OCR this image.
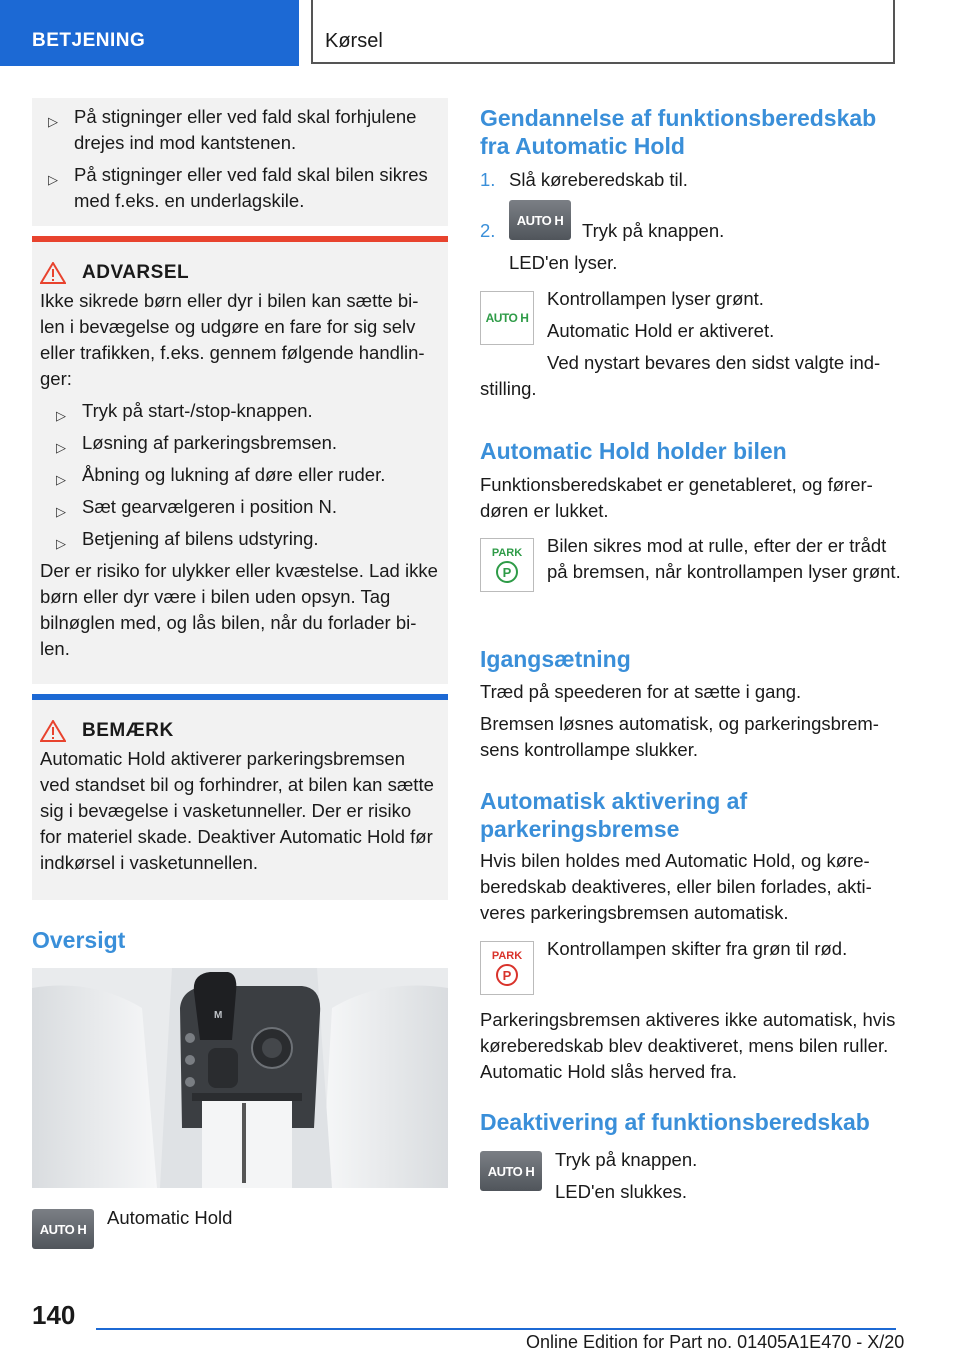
BETJENING	Kørsel
▷ På stigninger eller ved fald skal forhjulene drejes ind mod kantstenen.
▷ På stigninger eller ved fald skal bilen sikres med f.eks. en underlagskile.
ADVARSEL
Ikke sikrede børn eller dyr i bilen kan sætte bi-len i bevægelse og udgøre en fare for sig selv eller trafikken, f.eks. gennem følgende handlin-ger:
▷ Tryk på start-/stop-knappen.
▷ Løsning af parkeringsbremsen.
▷ Åbning og lukning af døre eller ruder.
▷ Sæt gearvælgeren i position N.
▷ Betjening af bilens udstyring.
Der er risiko for ulykker eller kvæstelse. Lad ikke børn eller dyr være i bilen uden opsyn. Tag bilnøglen med, og lås bilen, når du forlader bi-len.
BEMÆRK
Automatic Hold aktiverer parkeringsbremsen ved standset bil og forhindrer, at bilen kan sætte sig i bevægelse i vasketunneller. Der er risiko for materiel skade. Deaktiver Automatic Hold før indkørsel i vasketunnellen.
Oversigt
M
AUTO H
Automatic Hold
Gendannelse af funktionsberedskab fra Automatic Hold
1. Slå køreberedskab til.
2. AUTO H Tryk på knappen.
LED'en lyser.
AUTO H
Kontrollampen lyser grønt.
Automatic Hold er aktiveret.
Ved nystart bevares den sidst valgte ind-stilling.
Automatic Hold holder bilen
Funktionsberedskabet er genetableret, og fører-døren er lukket.
PARK
P
Bilen sikres mod at rulle, efter der er trådt på bremsen, når kontrollampen lyser grønt.
Igangsætning
Træd på speederen for at sætte i gang.
Bremsen løsnes automatisk, og parkeringsbrem-sens kontrollampe slukker.
Automatisk aktivering af parkeringsbremse
Hvis bilen holdes med Automatic Hold, og køre-beredskab deaktiveres, eller bilen forlades, akti-veres parkeringsbremsen automatisk.
PARK
P
Kontrollampen skifter fra grøn til rød.
Parkeringsbremsen aktiveres ikke automatisk, hvis køreberedskab blev deaktiveret, mens bilen ruller. Automatic Hold slås herved fra.
Deaktivering af funktionsberedskab
AUTO H
Tryk på knappen.
LED'en slukkes.
140
Online Edition for Part no. 01405A1E470 - X/20
